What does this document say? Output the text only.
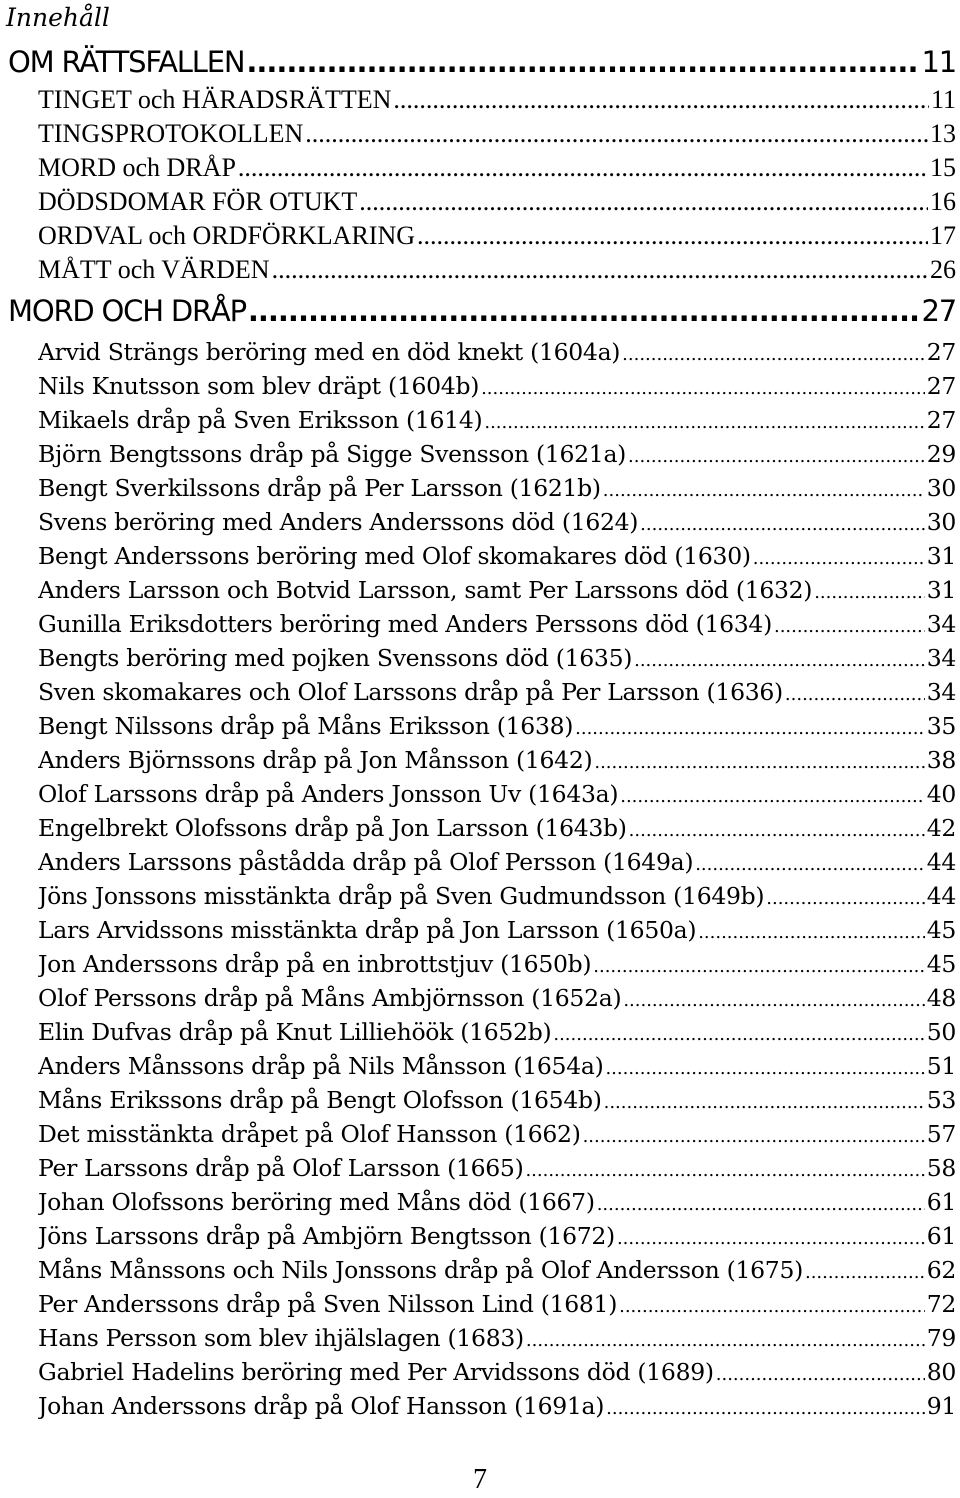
Innehåll
OM RÄTTSFALLEN .....	11
TINGET och HÄRADSRÄTTEN .....	11
TINGSPROTOKOLLEN .....	13
MORD och DRÅP .....	15
DÖDSDOMAR FÖR OTUKT .....	16
ORDVAL och ORDFÖRKLARING .....	17
MÅTT och VÄRDEN .....	26
MORD OCH DRÅP .....	27
Arvid Strängs beröring med en död knekt (1604a) .....	27
Nils Knutsson som blev dräpt (1604b) .....	27
Mikaels dråp på Sven Eriksson (1614) .....	27
Björn Bengtssons dråp på Sigge Svensson (1621a) .....	29
Bengt Sverkilssons dråp på Per Larsson (1621b) .....	30
Svens beröring med Anders Anderssons död (1624) .....	30
Bengt Anderssons beröring med Olof skomakares död (1630) .....	31
Anders Larsson och Botvid Larsson, samt Per Larssons död (1632) .....	31
Gunilla Eriksdotters beröring med Anders Perssons död (1634) .....	34
Bengts beröring med pojken Svenssons död (1635) .....	34
Sven skomakares och Olof Larssons dråp på Per Larsson (1636) .....	34
Bengt Nilssons dråp på Måns Eriksson (1638) .....	35
Anders Björnssons dråp på Jon Månsson (1642) .....	38
Olof Larssons dråp på Anders Jonsson Uv (1643a) .....	40
Engelbrekt Olofssons dråp på Jon Larsson (1643b) .....	42
Anders Larssons påstådda dråp på Olof Persson (1649a) .....	44
Jöns Jonssons misstänkta dråp på Sven Gudmundsson (1649b) .....	44
Lars Arvidssons misstänkta dråp på Jon Larsson (1650a) .....	45
Jon Anderssons dråp på en inbrottstjuv (1650b) .....	45
Olof Perssons dråp på Måns Ambjörnsson (1652a) .....	48
Elin Dufvas dråp på Knut Lilliehöök (1652b) .....	50
Anders Månssons dråp på Nils Månsson (1654a) .....	51
Måns Erikssons dråp på Bengt Olofsson (1654b) .....	53
Det misstänkta dråpet på Olof Hansson (1662) .....	57
Per Larssons dråp på Olof Larsson (1665) .....	58
Johan Olofssons beröring med Måns död (1667) .....	61
Jöns Larssons dråp på Ambjörn Bengtsson (1672) .....	61
Måns Månssons och Nils Jonssons dråp på Olof Andersson (1675) .....	62
Per Anderssons dråp på Sven Nilsson Lind (1681) .....	72
Hans Persson som blev ihjälslagen (1683) .....	79
Gabriel Hadelins beröring med Per Arvidssons död (1689) .....	80
Johan Anderssons dråp på Olof Hansson (1691a) .....	91
7
